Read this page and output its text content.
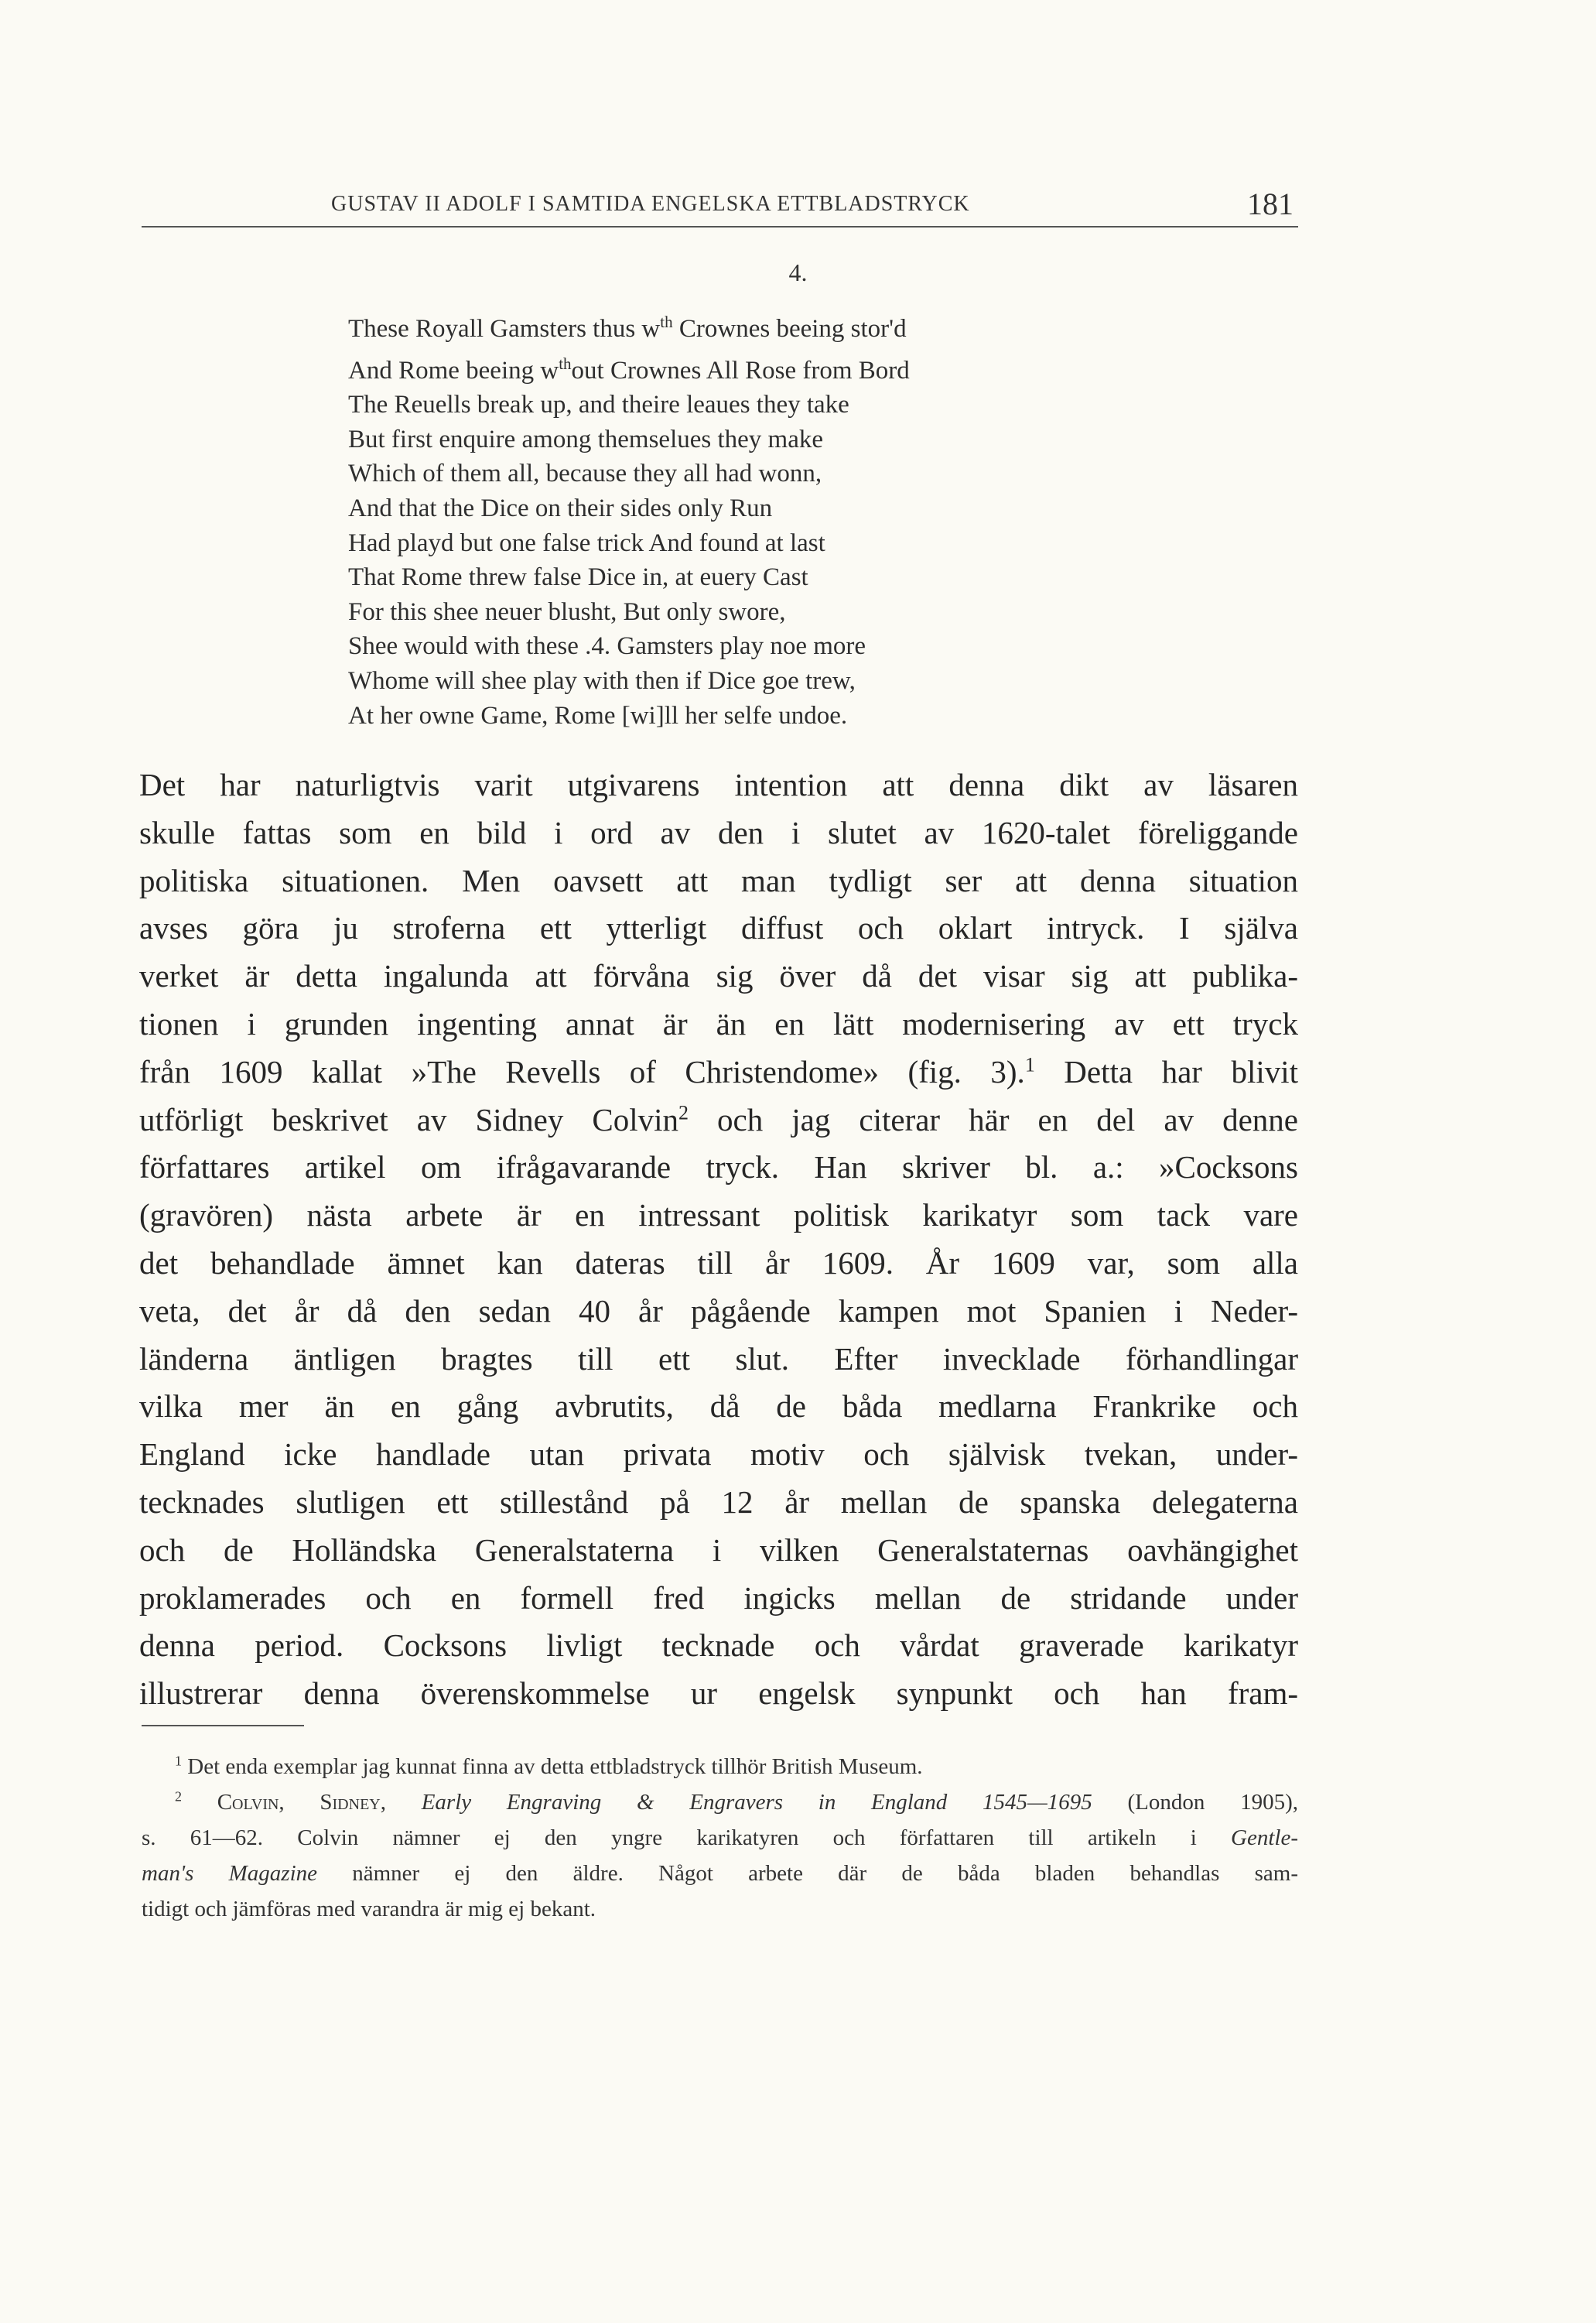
GUSTAV II ADOLF I SAMTIDA ENGELSKA ETTBLADSTRYCK	181
4.
These Royall Gamsters thus $w^{th}$ Crownes beeing stor'd
And Rome beeing $w^{th}out$ Crownes All Rose from Bord
The Reuells break up, and theire leaues they take
But first enquire among themselues they make
Which of them all, because they all had wonn,
And that the Dice on their sides only Run
Had playd but one false trick And found at last
That Rome threw false Dice in, at euery Cast
For this shee neuer blusht, But only swore,
Shee would with these .4. Gamsters play noe more
Whome will shee play with then if Dice goe trew,
At her owne Game, Rome [wi]ll her selfe undoe.
Det har naturligtvis varit utgivarens intention att denna dikt av läsaren
skulle fattas som en bild i ord av den i slutet av 1620-talet föreliggande
politiska situationen. Men oavsett att man tydligt ser att denna situation
avses göra ju stroferna ett ytterligt diffust och oklart intryck. I själva
verket är detta ingalunda att förvåna sig över då det visar sig att publika-
tionen i grunden ingenting annat är än en lätt modernisering av ett tryck
från 1609 kallat »The Revells of Christendome» (fig. 3).$^1$ Detta har blivit
utförligt beskrivet av Sidney Colvin$^2$ och jag citerar här en del av denne
författares artikel om ifrågavarande tryck. Han skriver bl. a.: »Cocksons
(gravören) nästa arbete är en intressant politisk karikatyr som tack vare
det behandlade ämnet kan dateras till år 1609. År 1609 var, som alla
veta, det år då den sedan 40 år pågående kampen mot Spanien i Neder-
länderna äntligen bragtes till ett slut. Efter invecklade förhandlingar
vilka mer än en gång avbrutits, då de båda medlarna Frankrike och
England icke handlade utan privata motiv och självisk tvekan, under-
tecknades slutligen ett stillestånd på 12 år mellan de spanska delegaterna
och de Holländska Generalstaterna i vilken Generalstaternas oavhängighet
proklamerades och en formell fred ingicks mellan de stridande under
denna period. Cocksons livligt tecknade och vårdat graverade karikatyr
illustrerar denna överenskommelse ur engelsk synpunkt och han fram-
$^1$ Det enda exemplar jag kunnat finna av detta ettbladstryck tillhör British Museum.
$^2$ Colvin, Sidney, Early Engraving & Engravers in England 1545—1695 (London 1905),
s. 61—62. Colvin nämner ej den yngre karikatyren och författaren till artikeln i Gentle-
man's Magazine nämner ej den äldre. Något arbete där de båda bladen behandlas sam-
tidigt och jämföras med varandra är mig ej bekant.
